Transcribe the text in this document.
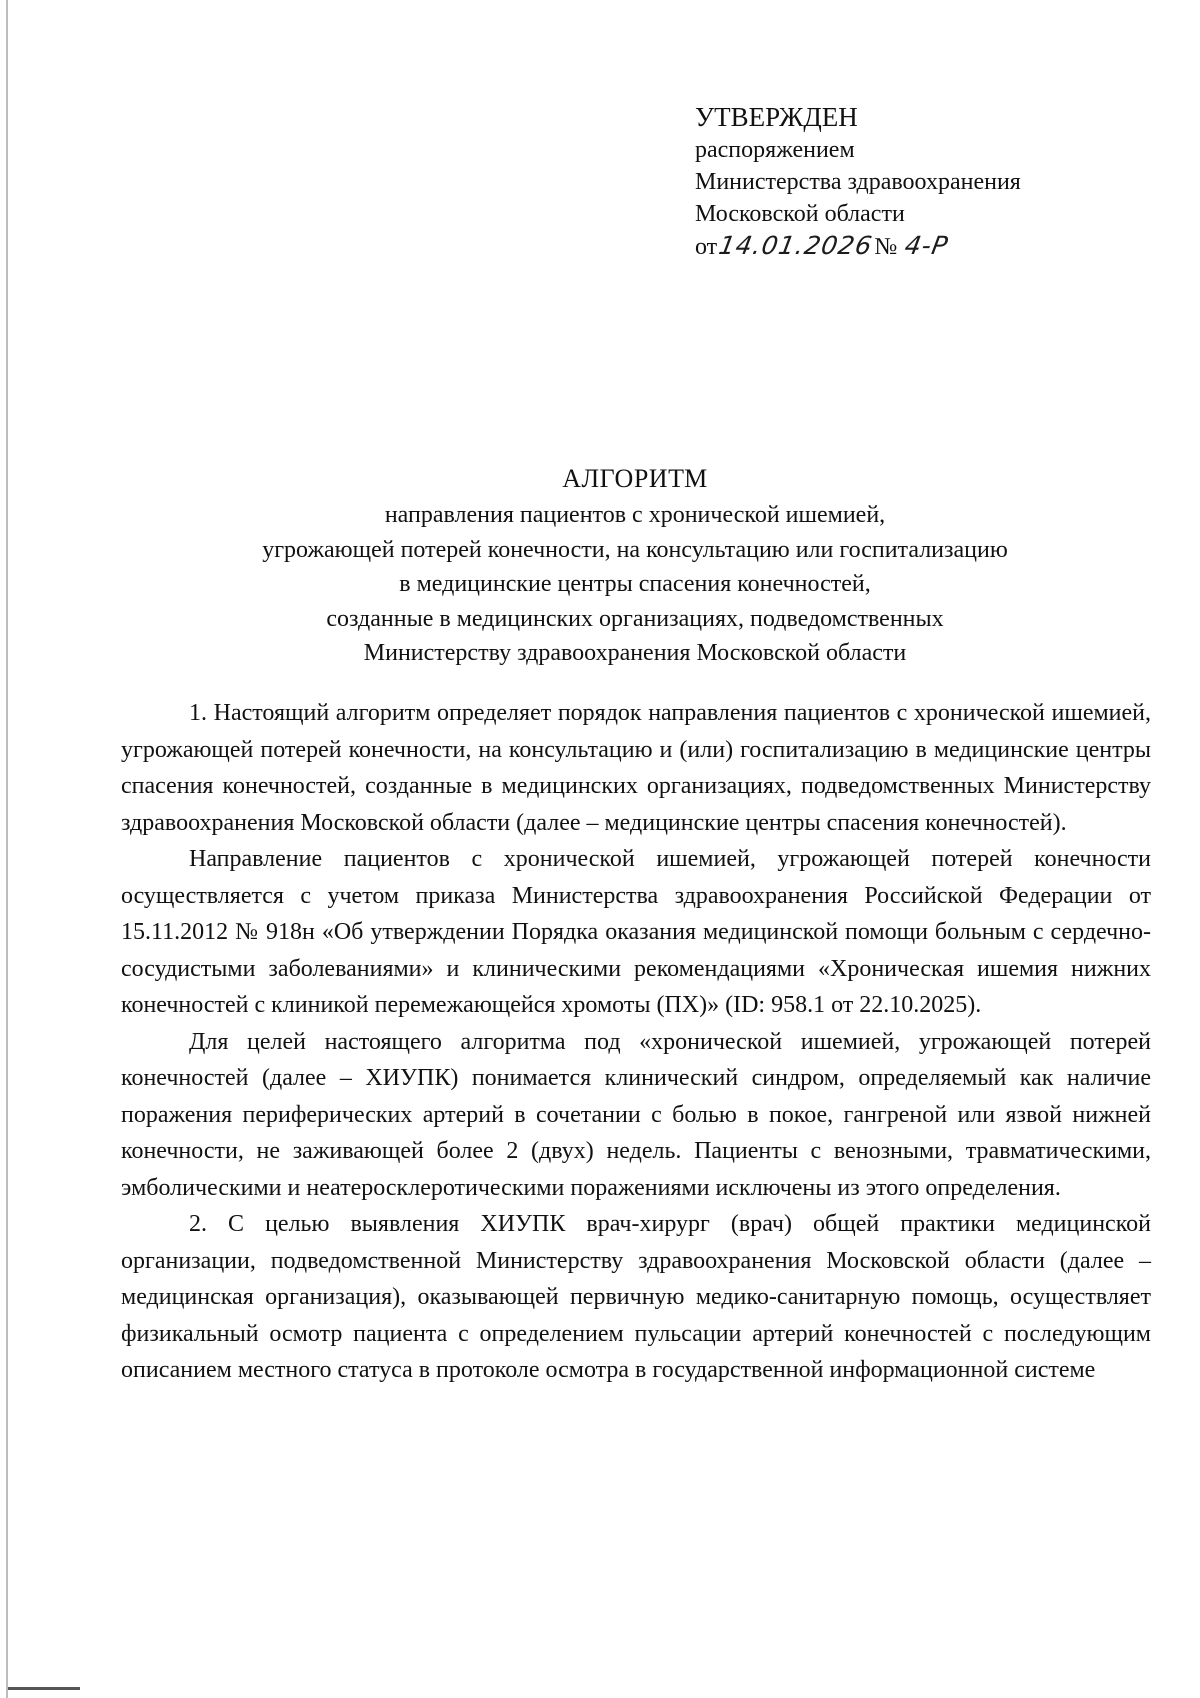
УТВЕРЖДЕН
распоряжением
Министерства здравоохранения
Московской области
от14.01.2026№ 4-Р
АЛГОРИТМ
направления пациентов с хронической ишемией,
угрожающей потерей конечности, на консультацию или госпитализацию
в медицинские центры спасения конечностей,
созданные в медицинских организациях, подведомственных
Министерству здравоохранения Московской области

1. Настоящий алгоритм определяет порядок направления пациентов с хронической ишемией, угрожающей потерей конечности, на консультацию и (или) госпитализацию в медицинские центры спасения конечностей, созданные в медицинских организациях, подведомственных Министерству здравоохранения Московской области (далее – медицинские центры спасения конечностей).

Направление пациентов с хронической ишемией, угрожающей потерей конечности осуществляется с учетом приказа Министерства здравоохранения Российской Федерации от 15.11.2012 № 918н «Об утверждении Порядка оказания медицинской помощи больным с сердечно-сосудистыми заболеваниями» и клиническими рекомендациями «Хроническая ишемия нижних конечностей с клиникой перемежающейся хромоты (ПХ)» (ID: 958.1 от 22.10.2025).

Для целей настоящего алгоритма под «хронической ишемией, угрожающей потерей конечностей (далее – ХИУПК) понимается клинический синдром, определяемый как наличие поражения периферических артерий в сочетании с болью в покое, гангреной или язвой нижней конечности, не заживающей более 2 (двух) недель. Пациенты с венозными, травматическими, эмболическими и неатеросклеротическими поражениями исключены из этого определения.

2. С целью выявления ХИУПК врач-хирург (врач) общей практики медицинской организации, подведомственной Министерству здравоохранения Московской области (далее – медицинская организация), оказывающей первичную медико-санитарную помощь, осуществляет физикальный осмотр пациента с определением пульсации артерий конечностей с последующим описанием местного статуса в протоколе осмотра в государственной информационной системе
